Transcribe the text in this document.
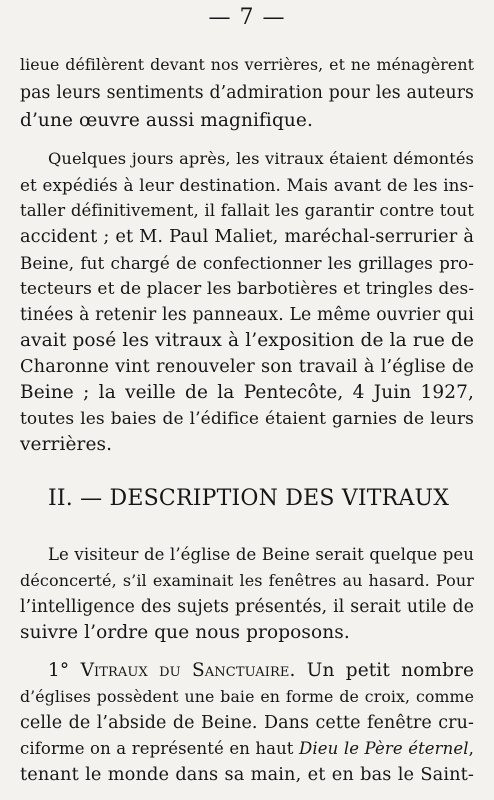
— 7 —
lieue défilèrent devant nos verrières, et ne ménagèrent
pas leurs sentiments d’admiration pour les auteurs
d’une œuvre aussi magnifique.
Quelques jours après, les vitraux étaient démontés
et expédiés à leur destination. Mais avant de les ins-
taller définitivement, il fallait les garantir contre tout
accident ; et M. Paul Maliet, maréchal-serrurier à
Beine, fut chargé de confectionner les grillages pro-
tecteurs et de placer les barbotières et tringles des-
tinées à retenir les panneaux. Le même ouvrier qui
avait posé les vitraux à l’exposition de la rue de
Charonne vint renouveler son travail à l’église de
Beine ; la veille de la Pentecôte, 4 Juin 1927,
toutes les baies de l’édifice étaient garnies de leurs
verrières.
II. — DESCRIPTION DES VITRAUX
Le visiteur de l’église de Beine serait quelque peu
déconcerté, s’il examinait les fenêtres au hasard. Pour
l’intelligence des sujets présentés, il serait utile de
suivre l’ordre que nous proposons.
1° Vitraux du Sanctuaire. Un petit nombre
d’églises possèdent une baie en forme de croix, comme
celle de l’abside de Beine. Dans cette fenêtre cru-
ciforme on a représenté en haut Dieu le Père éternel,
tenant le monde dans sa main, et en bas le Saint-
